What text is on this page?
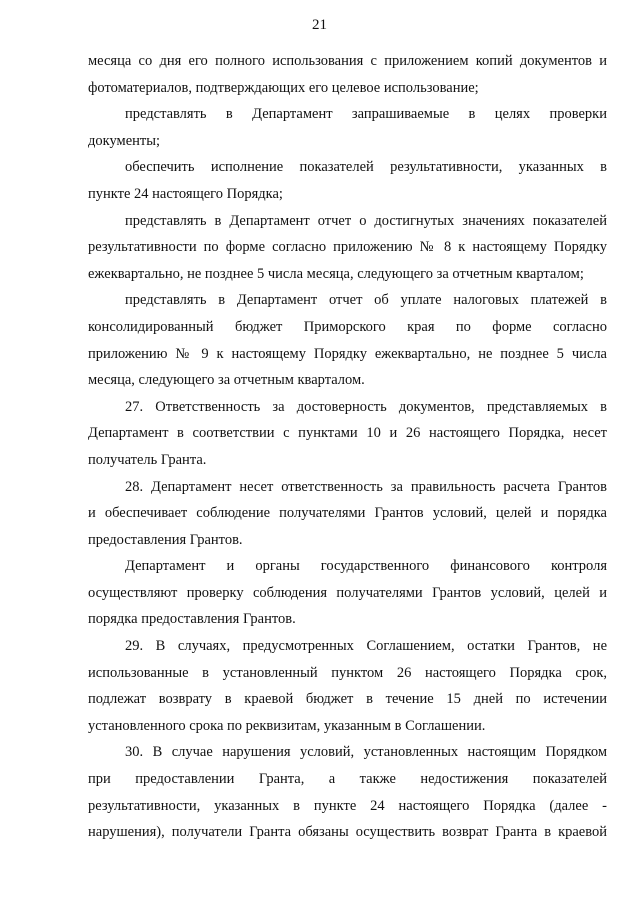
21
месяца со дня его полного использования с приложением копий документов и
фотоматериалов, подтверждающих его целевое использование;
представлять в Департамент запрашиваемые в целях проверки
документы;
обеспечить исполнение показателей результативности, указанных в
пункте 24 настоящего Порядка;
представлять в Департамент отчет о достигнутых значениях показателей
результативности по форме согласно приложению № 8 к настоящему Порядку
ежеквартально, не позднее 5 числа месяца, следующего за отчетным кварталом;
представлять в Департамент отчет об уплате налоговых платежей в
консолидированный бюджет Приморского края по форме согласно
приложению № 9 к настоящему Порядку ежеквартально, не позднее 5 числа
месяца, следующего за отчетным кварталом.
27. Ответственность за достоверность документов, представляемых в
Департамент в соответствии с пунктами 10 и 26 настоящего Порядка, несет
получатель Гранта.
28. Департамент несет ответственность за правильность расчета Грантов
и обеспечивает соблюдение получателями Грантов условий, целей и порядка
предоставления Грантов.
Департамент и органы государственного финансового контроля
осуществляют проверку соблюдения получателями Грантов условий, целей и
порядка предоставления Грантов.
29. В случаях, предусмотренных Соглашением, остатки Грантов, не
использованные в установленный пунктом 26 настоящего Порядка срок,
подлежат возврату в краевой бюджет в течение 15 дней по истечении
установленного срока по реквизитам, указанным в Соглашении.
30. В случае нарушения условий, установленных настоящим Порядком
при предоставлении Гранта, а также недостижения показателей
результативности, указанных в пункте 24 настоящего Порядка (далее -
нарушения), получатели Гранта обязаны осуществить возврат Гранта в краевой
